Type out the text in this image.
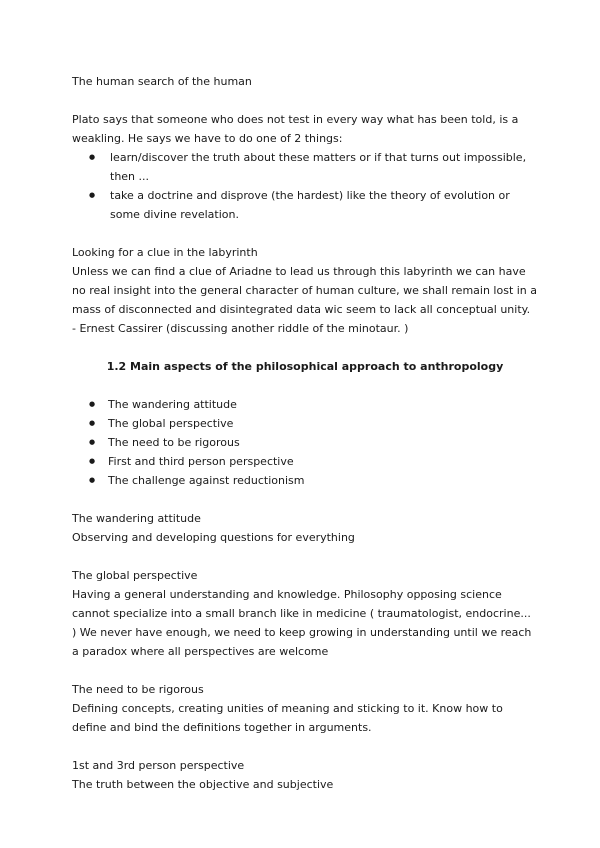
The human search of the human

Plato says that someone who does not test in every way what has been told, is a weakling. He says we have to do one of 2 things:

● learn/discover the truth about these matters or if that turns out impossible, then ...
● take a doctrine and disprove (the hardest) like the theory of evolution or some divine revelation.

Looking for a clue in the labyrinth

Unless we can find a clue of Ariadne to lead us through this labyrinth we can have no real insight into the general character of human culture, we shall remain lost in a mass of disconnected and disintegrated data wic seem to lack all conceptual unity.

- Ernest Cassirer (discussing another riddle of the minotaur. )

1.2 Main aspects of the philosophical approach to anthropology

● The wandering attitude
● The global perspective
● The need to be rigorous
● First and third person perspective
● The challenge against reductionism

The wandering attitude

Observing and developing questions for everything

The global perspective

Having a general understanding and knowledge. Philosophy opposing science cannot specialize into a small branch like in medicine ( traumatologist, endocrine... ) We never have enough, we need to keep growing in understanding until we reach a paradox where all perspectives are welcome

The need to be rigorous

Defining concepts, creating unities of meaning and sticking to it. Know how to define and bind the definitions together in arguments.

1st and 3rd person perspective

The truth between the objective and subjective
